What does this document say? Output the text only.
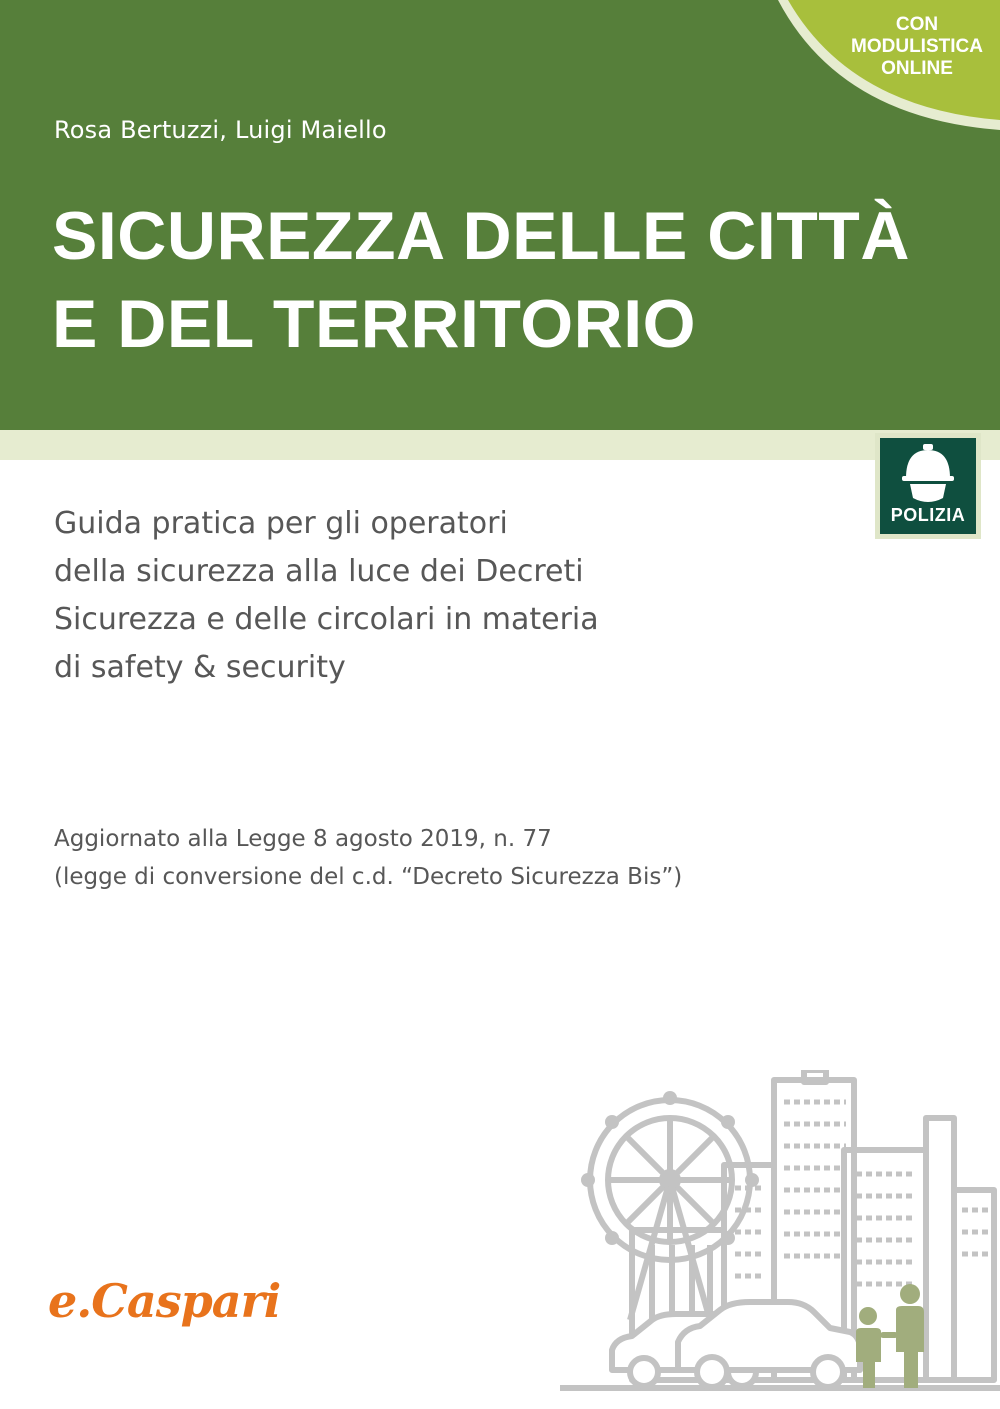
CON
MODULISTICA
ONLINE
Rosa Bertuzzi, Luigi Maiello
SICUREZZA DELLE CITTÀ
E DEL TERRITORIO
POLIZIA
Guida pratica per gli operatori
della sicurezza alla luce dei Decreti
Sicurezza e delle circolari in materia
di safety & security
Aggiornato alla Legge 8 agosto 2019, n. 77
(legge di conversione del c.d. “Decreto Sicurezza Bis”)
e.Caspari
